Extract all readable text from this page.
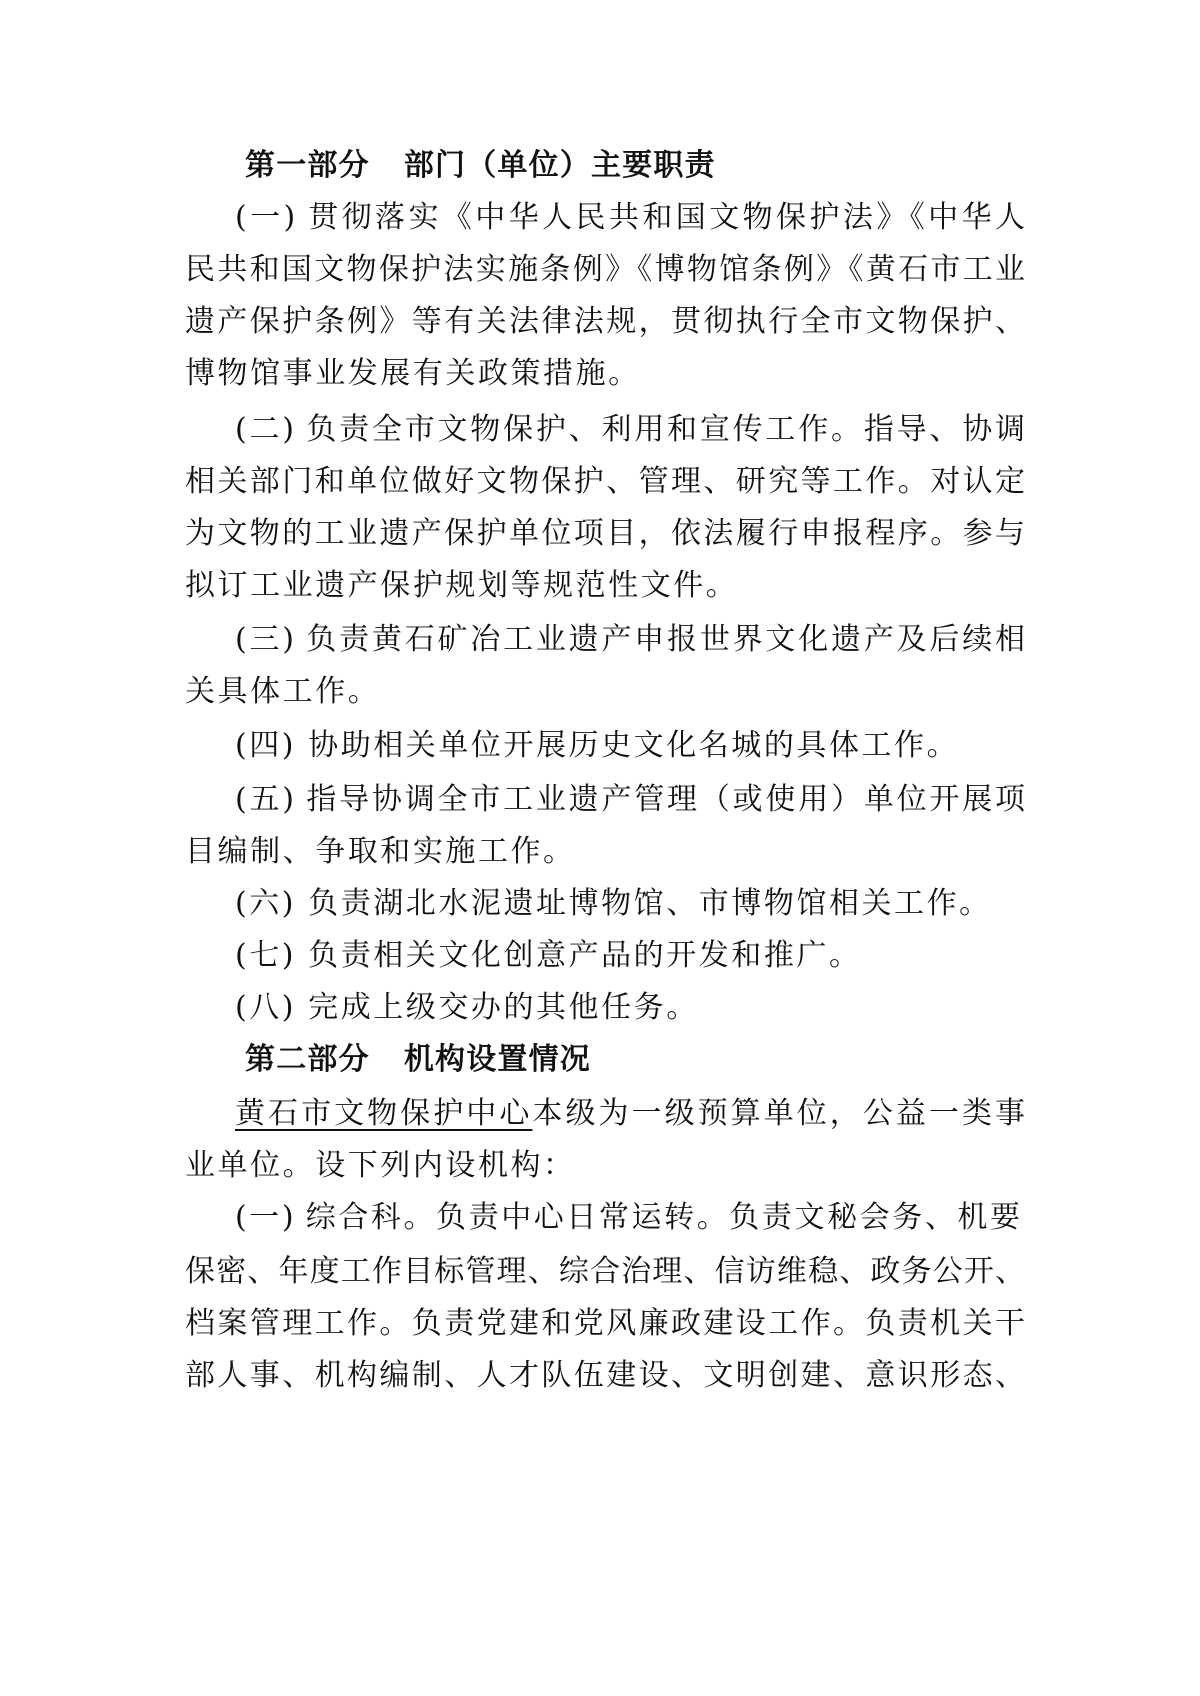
第一部分 部门（单位）主要职责
(一) 贯彻落实《中华人民共和国文物保护法》《中华人
民共和国文物保护法实施条例》《博物馆条例》《黄石市工业
遗产保护条例》等有关法律法规，贯彻执行全市文物保护、
博物馆事业发展有关政策措施。
(二) 负责全市文物保护、利用和宣传工作。指导、协调
相关部门和单位做好文物保护、管理、研究等工作。对认定
为文物的工业遗产保护单位项目，依法履行申报程序。参与
拟订工业遗产保护规划等规范性文件。
(三) 负责黄石矿冶工业遗产申报世界文化遗产及后续相
关具体工作。
(四) 协助相关单位开展历史文化名城的具体工作。
(五) 指导协调全市工业遗产管理（或使用）单位开展项
目编制、争取和实施工作。
(六) 负责湖北水泥遗址博物馆、市博物馆相关工作。
(七) 负责相关文化创意产品的开发和推广。
(八) 完成上级交办的其他任务。
第二部分 机构设置情况
黄石市文物保护中心本级为一级预算单位，公益一类事
业单位。设下列内设机构：
(一) 综合科。负责中心日常运转。负责文秘会务、机要
保密、年度工作目标管理、综合治理、信访维稳、政务公开、
档案管理工作。负责党建和党风廉政建设工作。负责机关干
部人事、机构编制、人才队伍建设、文明创建、意识形态、
